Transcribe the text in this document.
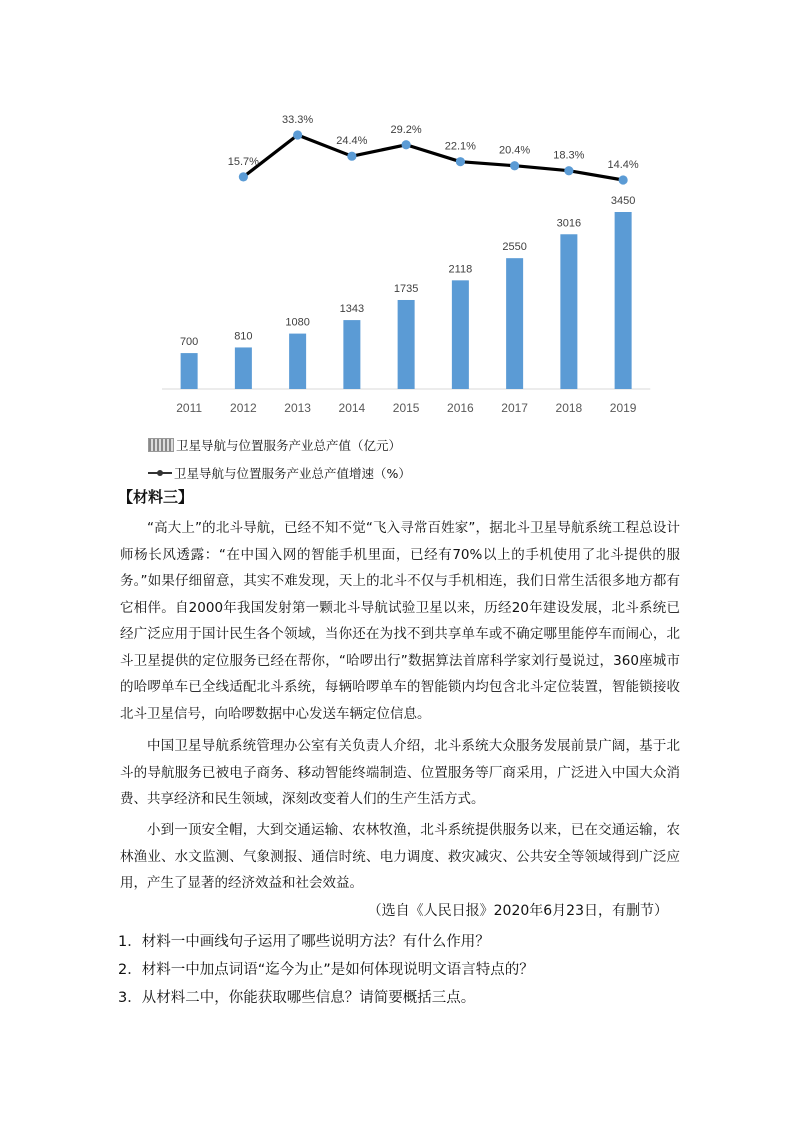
700
2011
810
2012
1080
2013
1343
2014
1735
2015
2118
2016
2550
2017
3016
2018
3450
2019
15.7%
33.3%
24.4%
29.2%
22.1% 20.4% 18.3%
14.4%
卫星导航与位置服务产业总产值（亿元）
卫星导航与位置服务产业总产值增速（%）
【材料三】
“高大上”的北斗导航，已经不知不觉“飞入寻常百姓家”，据北斗卫星导航系统工程总设计师杨长风透露：“在中国入网的智能手机里面，已经有70%以上的手机使用了北斗提供的服务。”如果仔细留意，其实不难发现，天上的北斗不仅与手机相连，我们日常生活很多地方都有它相伴。自2000年我国发射第一颗北斗导航试验卫星以来，历经20年建设发展，北斗系统已经广泛应用于国计民生各个领域，当你还在为找不到共享单车或不确定哪里能停车而闹心，北斗卫星提供的定位服务已经在帮你，“哈啰出行”数据算法首席科学家刘行曼说过，360座城市的哈啰单车已全线适配北斗系统，每辆哈啰单车的智能锁内均包含北斗定位装置，智能锁接收北斗卫星信号，向哈啰数据中心发送车辆定位信息。
中国卫星导航系统管理办公室有关负责人介绍，北斗系统大众服务发展前景广阔，基于北斗的导航服务已被电子商务、移动智能终端制造、位置服务等厂商采用，广泛进入中国大众消费、共享经济和民生领域，深刻改变着人们的生产生活方式。
小到一顶安全帽，大到交通运输、农林牧渔，北斗系统提供服务以来，已在交通运输，农林渔业、水文监测、气象测报、通信时统、电力调度、救灾减灾、公共安全等领域得到广泛应用，产生了显著的经济效益和社会效益。
（选自《人民日报》2020年6月23日，有删节）
1．材料一中画线句子运用了哪些说明方法？有什么作用？
2．材料一中加点词语“迄今为止”是如何体现说明文语言特点的？
3．从材料二中，你能获取哪些信息？请简要概括三点。
